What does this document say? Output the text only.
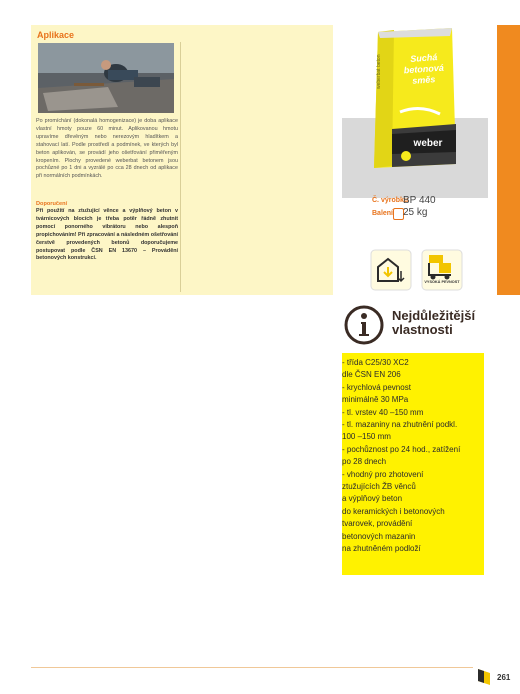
Aplikace

Po promíchání (dokonalá homogenizace) je doba aplikace vlastní hmoty pouze 60 minut. Aplikovanou hmotu upravíme dřevěným nebo nerezovým hladítkem a stahovací latí. Podle prostředí a podmínek, ve kterých byl beton aplikován, se provádí jeho ošetřování přiměřeným kropením. Plochy provedené weberbat betonem jsou pochůzné po 1 dni a vyzrálé po cca 28 dnech od aplikace při normálních podmínkách.

Doporučení

Při použití na ztužující věnce a výplňový beton v tvárnicových blocích je třeba potěr řádně zhutnit pomocí ponorného vibrátoru nebo alespoň propichováním! Při zpracování a následném ošetřování čerstvě provedených betonů doporučujeme postupovat podle ČSN EN 13670 – Provádění betonových konstrukcí.

weberbat beton	Suchá
betonová
směs
weber
Č. výrobku
BP 440
Balení 25 kg
VYSOKÁ PEVNOST
Nejdůležitější
vlastnosti
- třída C25/30 XC2
dle ČSN EN 206
- krychlová pevnost
minimálně 30 MPa
- tl. vrstev 40 –150 mm
- tl. mazaniny na zhutnění podkl.
100 –150 mm
- pochůznost po 24 hod., zatížení
po 28 dnech
- vhodný pro zhotovení
ztužujících ŽB věnců
a výplňový beton
do keramických i betonových
tvarovek, provádění
betonových mazanin
na zhutněném podloží
261
